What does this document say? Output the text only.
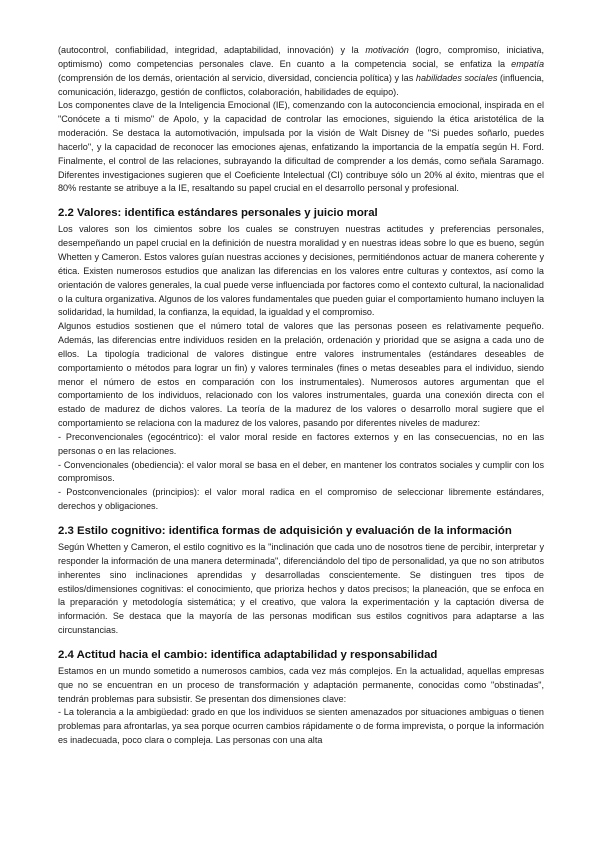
(autocontrol, confiabilidad, integridad, adaptabilidad, innovación) y la motivación (logro, compromiso, iniciativa, optimismo) como competencias personales clave. En cuanto a la competencia social, se enfatiza la empatía (comprensión de los demás, orientación al servicio, diversidad, conciencia política) y las habilidades sociales (influencia, comunicación, liderazgo, gestión de conflictos, colaboración, habilidades de equipo).

Los componentes clave de la Inteligencia Emocional (IE), comenzando con la autoconciencia emocional, inspirada en el "Conócete a ti mismo" de Apolo, y la capacidad de controlar las emociones, siguiendo la ética aristotélica de la moderación. Se destaca la automotivación, impulsada por la visión de Walt Disney de "Si puedes soñarlo, puedes hacerlo", y la capacidad de reconocer las emociones ajenas, enfatizando la importancia de la empatía según H. Ford. Finalmente, el control de las relaciones, subrayando la dificultad de comprender a los demás, como señala Saramago. Diferentes investigaciones sugieren que el Coeficiente Intelectual (CI) contribuye sólo un 20% al éxito, mientras que el 80% restante se atribuye a la IE, resaltando su papel crucial en el desarrollo personal y profesional.

2.2 Valores: identifica estándares personales y juicio moral

Los valores son los cimientos sobre los cuales se construyen nuestras actitudes y preferencias personales, desempeñando un papel crucial en la definición de nuestra moralidad y en nuestras ideas sobre lo que es bueno, según Whetten y Cameron. Estos valores guían nuestras acciones y decisiones, permitiéndonos actuar de manera coherente y ética. Existen numerosos estudios que analizan las diferencias en los valores entre culturas y contextos, así como la orientación de valores generales, la cual puede verse influenciada por factores como el contexto cultural, la nacionalidad o la cultura organizativa. Algunos de los valores fundamentales que pueden guiar el comportamiento humano incluyen la solidaridad, la humildad, la confianza, la equidad, la igualdad y el compromiso.

Algunos estudios sostienen que el número total de valores que las personas poseen es relativamente pequeño. Además, las diferencias entre individuos residen en la prelación, ordenación y prioridad que se asigna a cada uno de ellos. La tipología tradicional de valores distingue entre valores instrumentales (estándares deseables de comportamiento o métodos para lograr un fin) y valores terminales (fines o metas deseables para el individuo, siendo menor el número de estos en comparación con los instrumentales). Numerosos autores argumentan que el comportamiento de los individuos, relacionado con los valores instrumentales, guarda una conexión directa con el estado de madurez de dichos valores. La teoría de la madurez de los valores o desarrollo moral sugiere que el comportamiento se relaciona con la madurez de los valores, pasando por diferentes niveles de madurez:

- Preconvencionales (egocéntrico): el valor moral reside en factores externos y en las consecuencias, no en las personas o en las relaciones.

- Convencionales (obediencia): el valor moral se basa en el deber, en mantener los contratos sociales y cumplir con los compromisos.

- Postconvencionales (principios): el valor moral radica en el compromiso de seleccionar libremente estándares, derechos y obligaciones.

2.3 Estilo cognitivo: identifica formas de adquisición y evaluación de la información

Según Whetten y Cameron, el estilo cognitivo es la "inclinación que cada uno de nosotros tiene de percibir, interpretar y responder la información de una manera determinada", diferenciándolo del tipo de personalidad, ya que no son atributos inherentes sino inclinaciones aprendidas y desarrolladas conscientemente. Se distinguen tres tipos de estilos/dimensiones cognitivas: el conocimiento, que prioriza hechos y datos precisos; la planeación, que se enfoca en la preparación y metodología sistemática; y el creativo, que valora la experimentación y la captación diversa de información. Se destaca que la mayoría de las personas modifican sus estilos cognitivos para adaptarse a las circunstancias.

2.4 Actitud hacia el cambio: identifica adaptabilidad y responsabilidad

Estamos en un mundo sometido a numerosos cambios, cada vez más complejos. En la actualidad, aquellas empresas que no se encuentran en un proceso de transformación y adaptación permanente, conocidas como "obstinadas", tendrán problemas para subsistir. Se presentan dos dimensiones clave:

- La tolerancia a la ambigüedad: grado en que los individuos se sienten amenazados por situaciones ambiguas o tienen problemas para afrontarlas, ya sea porque ocurren cambios rápidamente o de forma imprevista, o porque la información es inadecuada, poco clara o compleja. Las personas con una alta
